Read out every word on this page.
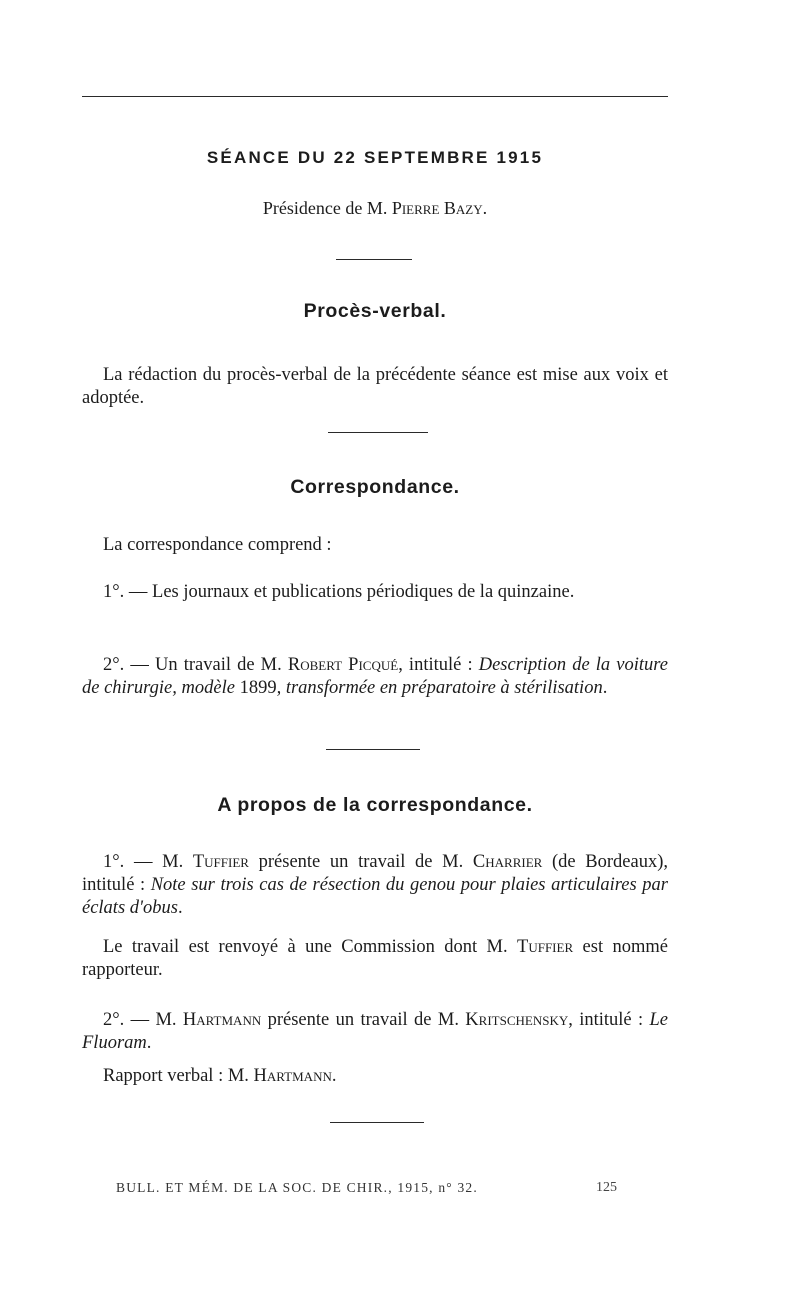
SÉANCE DU 22 SEPTEMBRE 1915
Présidence de M. Pierre Bazy.
Procès-verbal.
La rédaction du procès-verbal de la précédente séance est mise aux voix et adoptée.
Correspondance.
La correspondance comprend :
1°. — Les journaux et publications périodiques de la quinzaine.
2°. — Un travail de M. Robert Picqué, intitulé : Description de la voiture de chirurgie, modèle 1899, transformée en préparatoire à stérilisation.
A propos de la correspondance.
1°. — M. Tuffier présente un travail de M. Charrier (de Bordeaux), intitulé : Note sur trois cas de résection du genou pour plaies articulaires par éclats d'obus.
Le travail est renvoyé à une Commission dont M. Tuffier est nommé rapporteur.
2°. — M. Hartmann présente un travail de M. Kritschensky, intitulé : Le Fluoram.
Rapport verbal : M. Hartmann.
BULL. ET MÉM. DE LA SOC. DE CHIR., 1915, n° 32.	125
